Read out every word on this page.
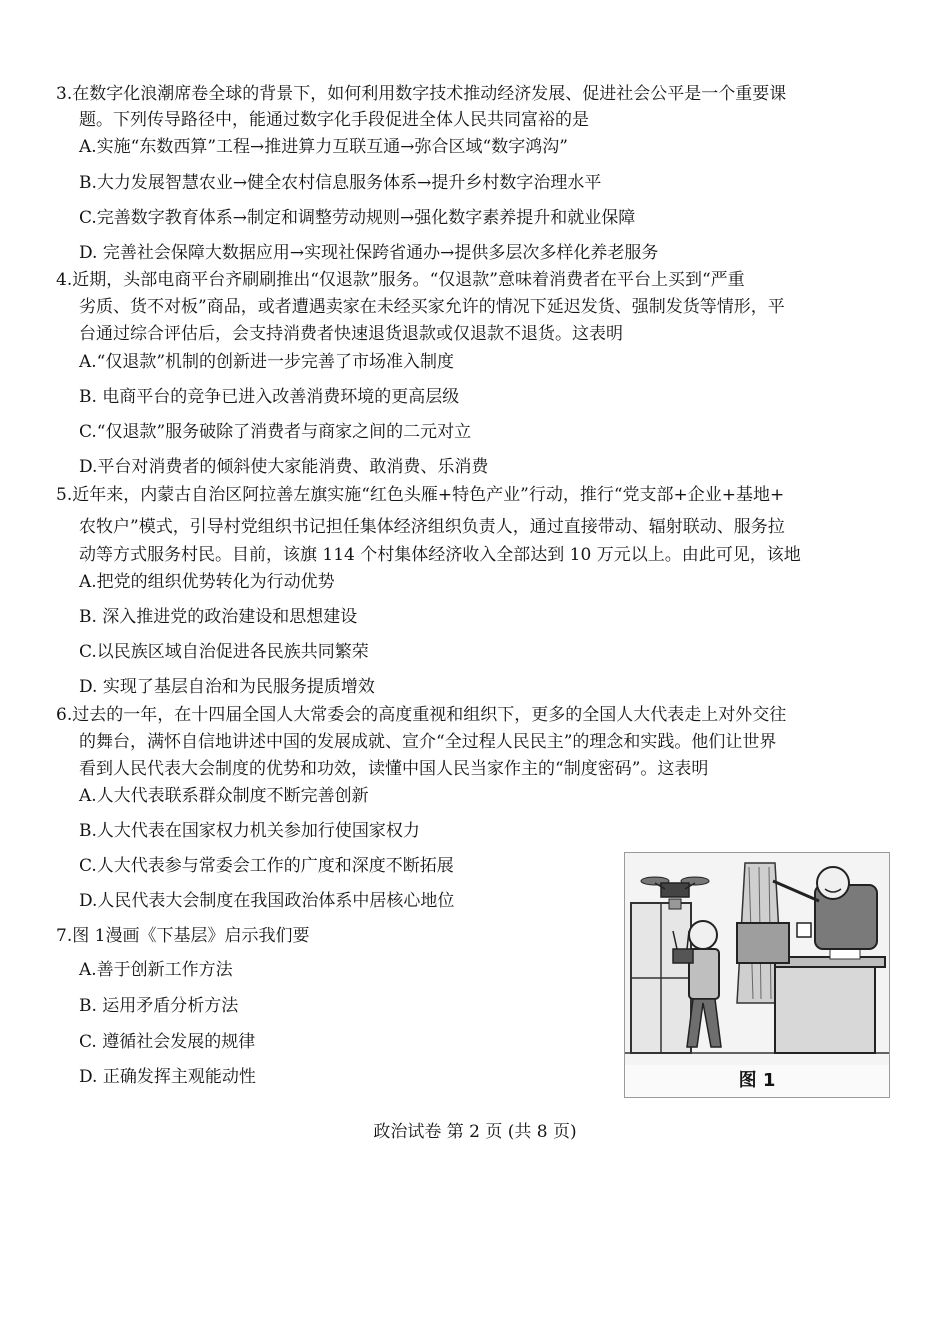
3.在数字化浪潮席卷全球的背景下，如何利用数字技术推动经济发展、促进社会公平是一个重要课
题。下列传导路径中，能通过数字化手段促进全体人民共同富裕的是
A.实施“东数西算”工程→推进算力互联互通→弥合区域“数字鸿沟”
B.大力发展智慧农业→健全农村信息服务体系→提升乡村数字治理水平
C.完善数字教育体系→制定和调整劳动规则→强化数字素养提升和就业保障
D. 完善社会保障大数据应用→实现社保跨省通办→提供多层次多样化养老服务
4.近期，头部电商平台齐刷刷推出“仅退款”服务。“仅退款”意味着消费者在平台上买到“严重
劣质、货不对板”商品，或者遭遇卖家在未经买家允许的情况下延迟发货、强制发货等情形，平
台通过综合评估后，会支持消费者快速退货退款或仅退款不退货。这表明
A.“仅退款”机制的创新进一步完善了市场准入制度
B. 电商平台的竞争已进入改善消费环境的更高层级
C.“仅退款”服务破除了消费者与商家之间的二元对立
D.平台对消费者的倾斜使大家能消费、敢消费、乐消费
5.近年来，内蒙古自治区阿拉善左旗实施“红色头雁+特色产业”行动，推行“党支部+企业+基地+
农牧户”模式，引导村党组织书记担任集体经济组织负责人，通过直接带动、辐射联动、服务拉
动等方式服务村民。目前，该旗 114 个村集体经济收入全部达到 10 万元以上。由此可见，该地
A.把党的组织优势转化为行动优势
B. 深入推进党的政治建设和思想建设
C.以民族区域自治促进各民族共同繁荣
D. 实现了基层自治和为民服务提质增效
6.过去的一年，在十四届全国人大常委会的高度重视和组织下，更多的全国人大代表走上对外交往
的舞台，满怀自信地讲述中国的发展成就、宣介“全过程人民民主”的理念和实践。他们让世界
看到人民代表大会制度的优势和功效，读懂中国人民当家作主的“制度密码”。这表明
A.人大代表联系群众制度不断完善创新
B.人大代表在国家权力机关参加行使国家权力
C.人大代表参与常委会工作的广度和深度不断拓展
D.人民代表大会制度在我国政治体系中居核心地位
7.图 1漫画《下基层》启示我们要
A.善于创新工作方法
B. 运用矛盾分析方法
C. 遵循社会发展的规律
D. 正确发挥主观能动性	图 1
政治试卷 第 2 页 (共 8 页)
